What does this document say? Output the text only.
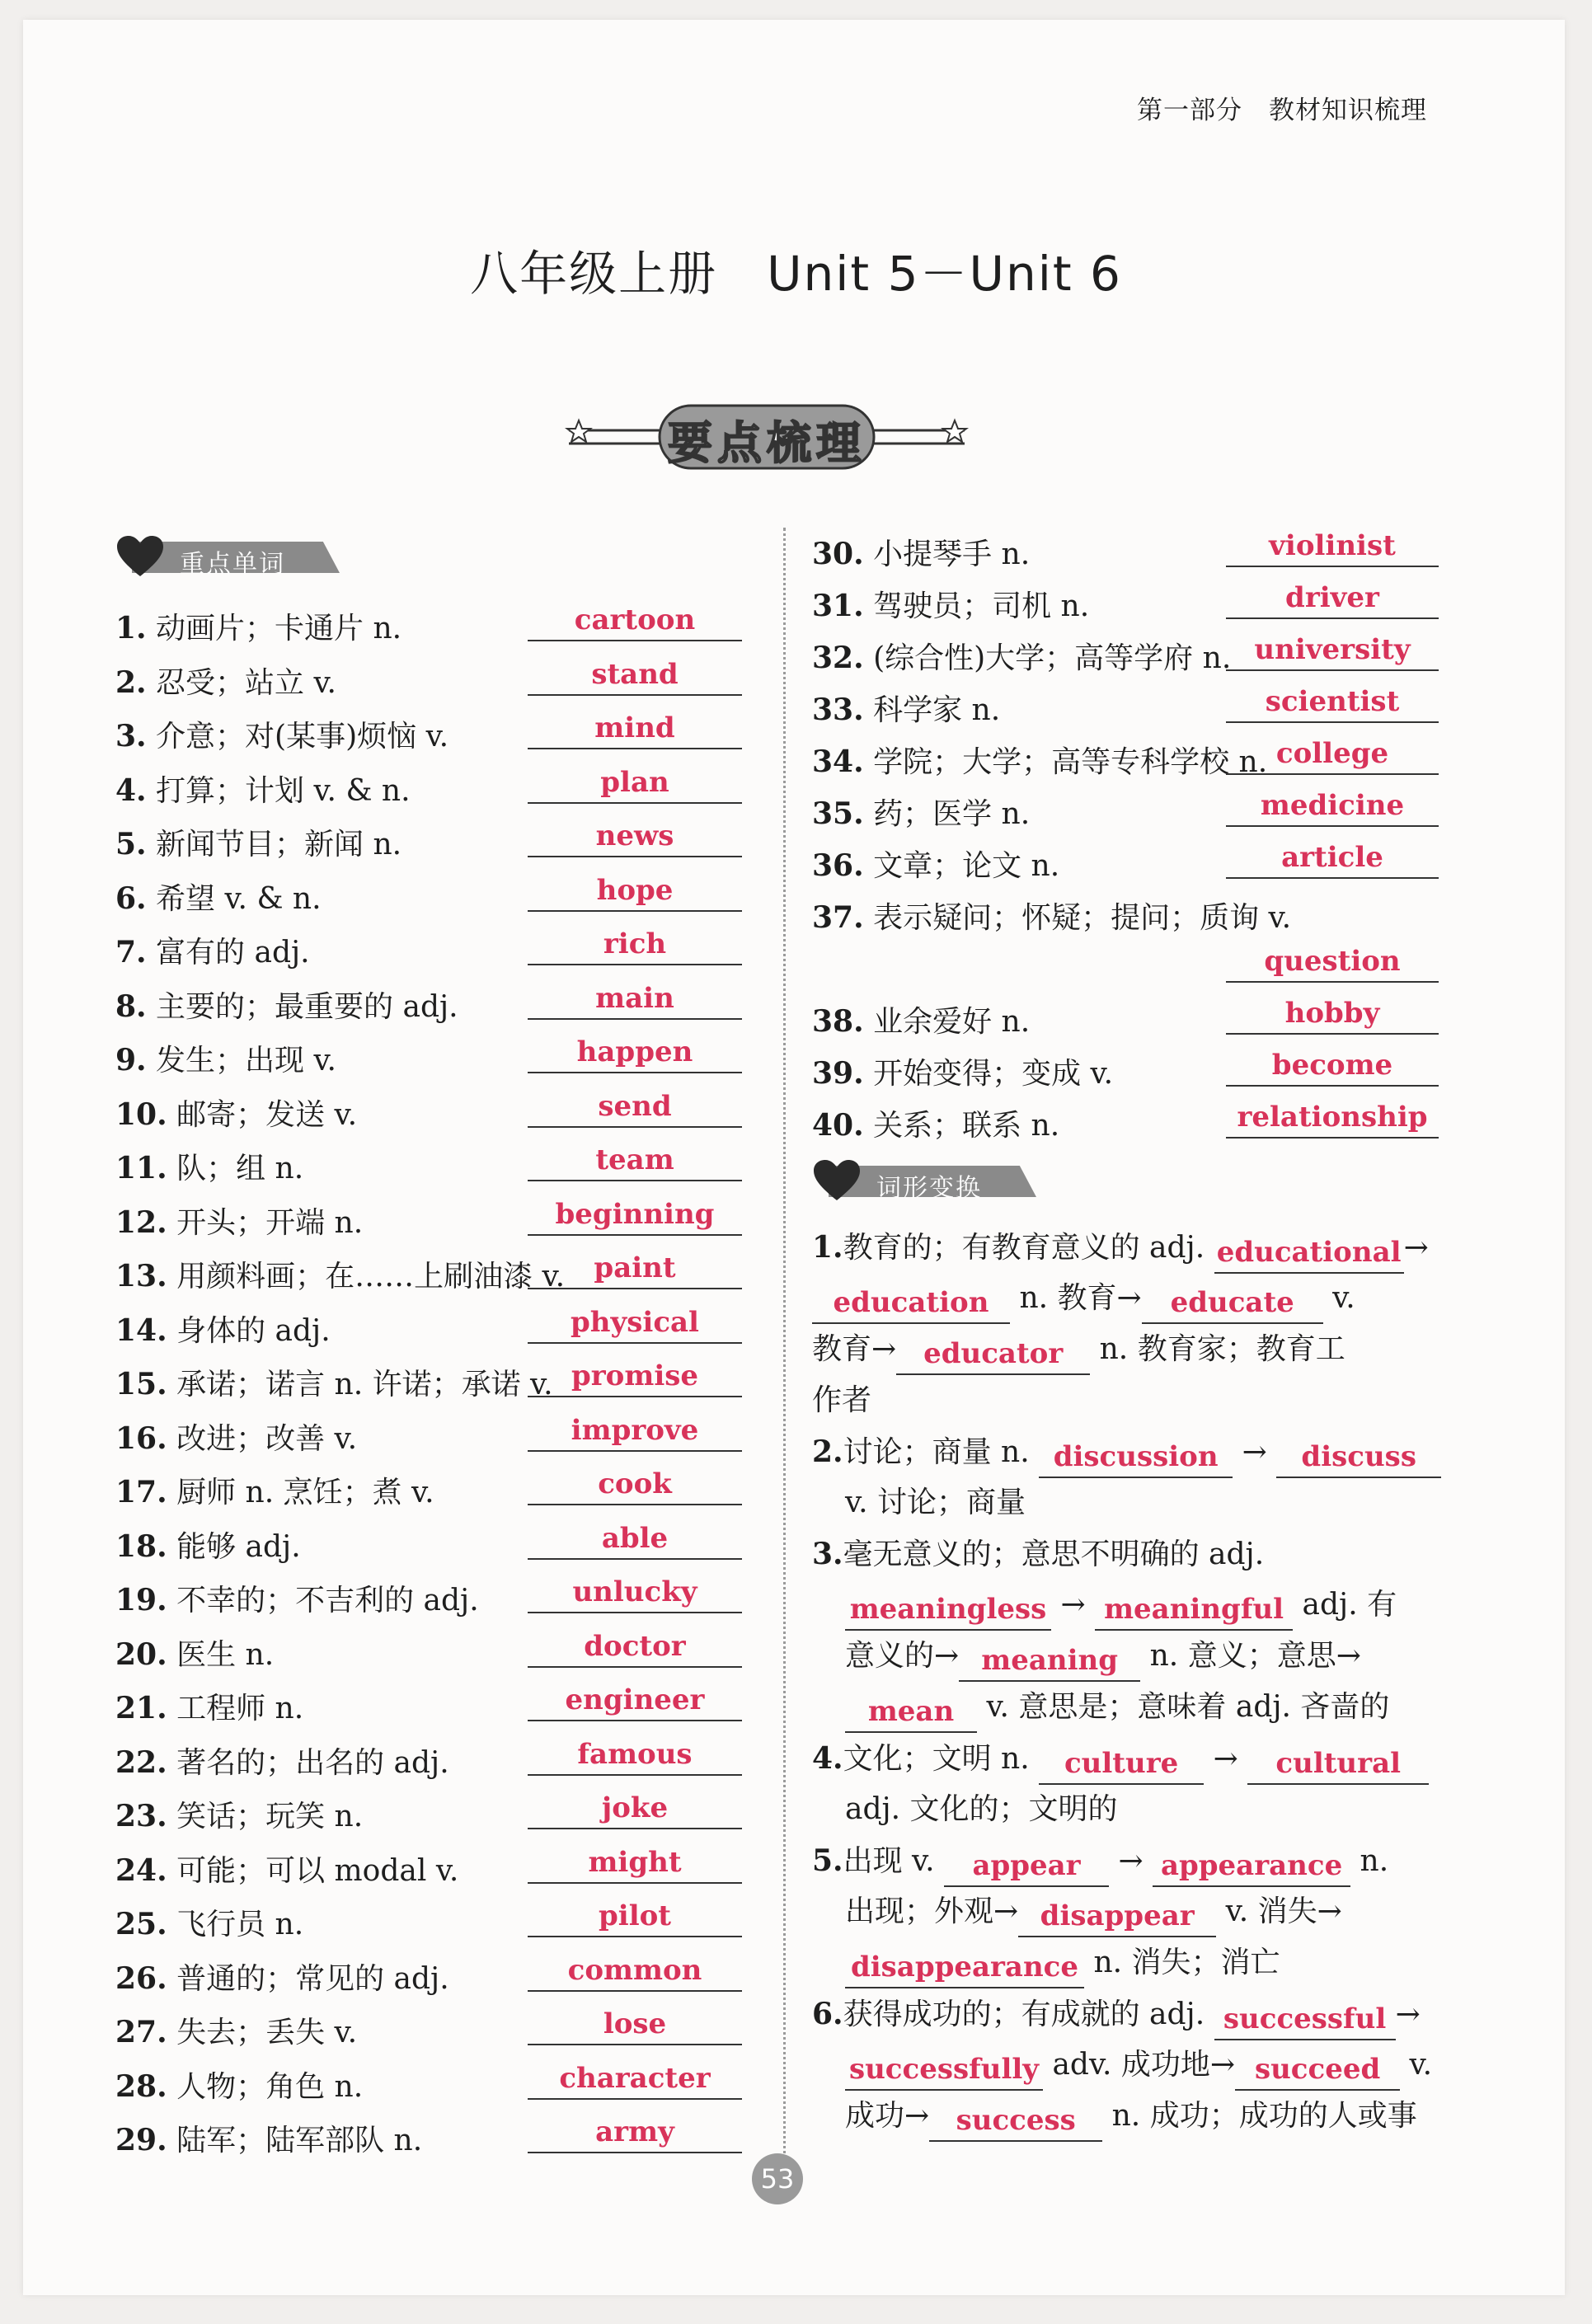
第一部分　教材知识梳理
八年级上册　Unit 5－Unit 6
要点梳理
重点单词
1. 动画片；卡通片 n.	cartoon
2. 忍受；站立 v.	stand
3. 介意；对(某事)烦恼 v.	mind
4. 打算；计划 v. & n.	plan
5. 新闻节目；新闻 n.	news
6. 希望 v. & n.	hope
7. 富有的 adj.	rich
8. 主要的；最重要的 adj.	main
9. 发生；出现 v.	happen
10. 邮寄；发送 v.	send
11. 队；组 n.	team
12. 开头；开端 n.	beginning
13. 用颜料画；在……上刷油漆 v.	paint
14. 身体的 adj.	physical
15. 承诺；诺言 n. 许诺；承诺 v. promise
16. 改进；改善 v.	improve
17. 厨师 n. 烹饪；煮 v.	cook
18. 能够 adj.	able
19. 不幸的；不吉利的 adj.	unlucky
20. 医生 n.	doctor
21. 工程师 n.	engineer
22. 著名的；出名的 adj.	famous
23. 笑话；玩笑 n.	joke
24. 可能；可以 modal v.	might
25. 飞行员 n.	pilot
26. 普通的；常见的 adj.	common
27. 失去；丢失 v.	lose
28. 人物；角色 n.	character
29. 陆军；陆军部队 n.	army
30. 小提琴手 n.	violinist
31. 驾驶员；司机 n.	driver
32. (综合性)大学；高等学府 n. university
33. 科学家 n.	scientist
34. 学院；大学；高等专科学校 n. college
35. 药；医学 n.	medicine
36. 文章；论文 n.	article
37. 表示疑问；怀疑；提问；质询 v.
question
38. 业余爱好 n.	hobby
39. 开始变得；变成 v.	become
40. 关系；联系 n.	relationship
词形变换
1.教育的；有教育意义的 adj. educational→
education n. 教育→ educate v.
教育→ educator n. 教育家；教育工
作者
2.讨论；商量 n. discussion → discuss
v. 讨论；商量
3.毫无意义的；意思不明确的 adj.
meaningless → meaningful adj. 有
意义的→ meaning n. 意义；意思→
mean v. 意思是；意味着 adj. 吝啬的
4.文化；文明 n. culture → cultural
adj. 文化的；文明的
5.出现 v. appear → appearance n.
出现；外观→ disappear v. 消失→
disappearance n. 消失；消亡
6.获得成功的；有成就的 adj. successful →
successfully adv. 成功地→ succeed v.
成功→ success n. 成功；成功的人或事
53
